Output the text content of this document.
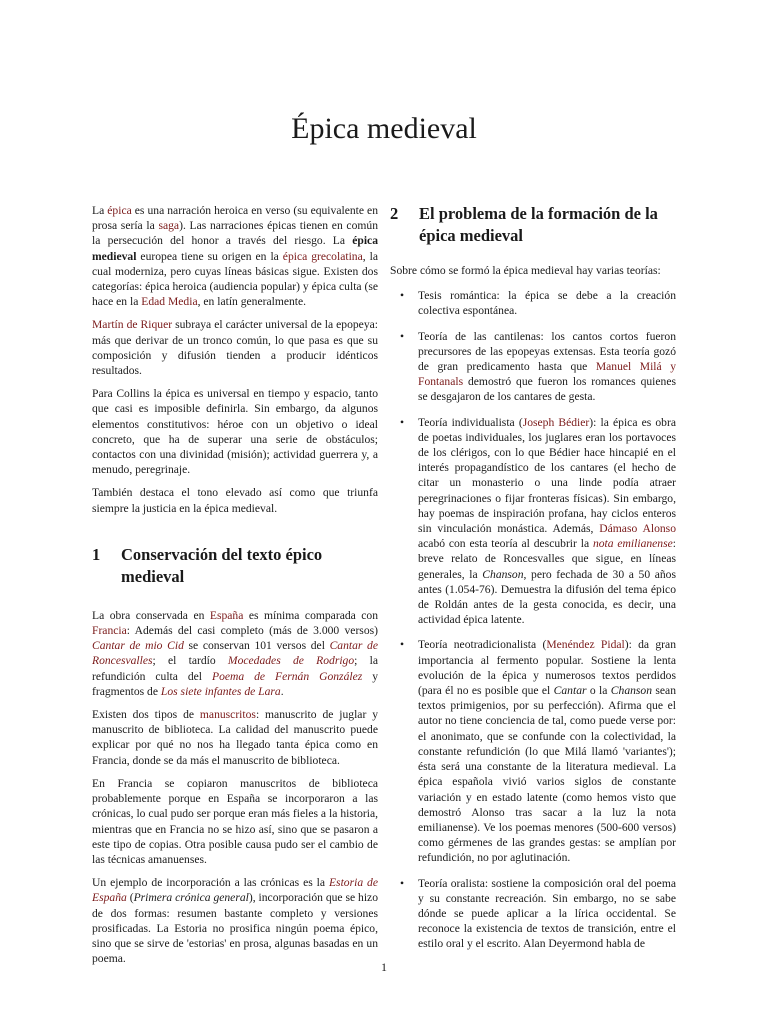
Épica medieval

La épica es una narración heroica en verso (su equivalente en prosa sería la saga). Las narraciones épicas tienen en común la persecución del honor a través del riesgo. La épica medieval europea tiene su origen en la épica grecolatina, la cual moderniza, pero cuyas líneas básicas sigue. Existen dos categorías: épica heroica (audiencia popular) y épica culta (se hace en la Edad Media, en latín generalmente.

Martín de Riquer subraya el carácter universal de la epopeya: más que derivar de un tronco común, lo que pasa es que su composición y difusión tienden a producir idénticos resultados.

Para Collins la épica es universal en tiempo y espacio, tanto que casi es imposible definirla. Sin embargo, da algunos elementos constitutivos: héroe con un objetivo o ideal concreto, que ha de superar una serie de obstáculos; contactos con una divinidad (misión); actividad guerrera y, a menudo, peregrinaje.

También destaca el tono elevado así como que triunfa siempre la justicia en la épica medieval.

1	Conservación del texto épico medieval

La obra conservada en España es mínima comparada con Francia: Además del casi completo (más de 3.000 versos) Cantar de mio Cid se conservan 101 versos del Cantar de Roncesvalles; el tardío Mocedades de Rodrigo; la refundición culta del Poema de Fernán González y fragmentos de Los siete infantes de Lara.

Existen dos tipos de manuscritos: manuscrito de juglar y manuscrito de biblioteca. La calidad del manuscrito puede explicar por qué no nos ha llegado tanta épica como en Francia, donde se da más el manuscrito de biblioteca.

En Francia se copiaron manuscritos de biblioteca probablemente porque en España se incorporaron a las crónicas, lo cual pudo ser porque eran más fieles a la historia, mientras que en Francia no se hizo así, sino que se pasaron a este tipo de copias. Otra posible causa pudo ser el cambio de las técnicas amanuenses.

Un ejemplo de incorporación a las crónicas es la Estoria de España (Primera crónica general), incorporación que se hizo de dos formas: resumen bastante completo y versiones prosificadas. La Estoria no prosifica ningún poema épico, sino que se sirve de 'estorias' en prosa, algunas basadas en un poema.

2	El problema de la formación de la épica medieval

Sobre cómo se formó la épica medieval hay varias teorías:

• Tesis romántica: la épica se debe a la creación colectiva espontánea.
• Teoría de las cantilenas: los cantos cortos fueron precursores de las epopeyas extensas. Esta teoría gozó de gran predicamento hasta que Manuel Milá y Fontanals demostró que fueron los romances quienes se desgajaron de los cantares de gesta.
• Teoría individualista (Joseph Bédier): la épica es obra de poetas individuales, los juglares eran los portavoces de los clérigos, con lo que Bédier hace hincapié en el interés propagandístico de los cantares (el hecho de citar un monasterio o una linde podía atraer peregrinaciones o fijar fronteras físicas). Sin embargo, hay poemas de inspiración profana, hay ciclos enteros sin vinculación monástica. Además, Dámaso Alonso acabó con esta teoría al descubrir la nota emilianense: breve relato de Roncesvalles que sigue, en líneas generales, la Chanson, pero fechada de 30 a 50 años antes (1.054-76). Demuestra la difusión del tema épico de Roldán antes de la gesta conocida, es decir, una actividad épica latente.
• Teoría neotradicionalista (Menéndez Pidal): da gran importancia al fermento popular. Sostiene la lenta evolución de la épica y numerosos textos perdidos (para él no es posible que el Cantar o la Chanson sean textos primigenios, por su perfección). Afirma que el autor no tiene conciencia de tal, como puede verse por: el anonimato, que se confunde con la colectividad, la constante refundición (lo que Milá llamó 'variantes'); ésta será una constante de la literatura medieval. La épica española vivió varios siglos de constante variación y en estado latente (como hemos visto que demostró Alonso tras sacar a la luz la nota emilianense). Ve los poemas menores (500-600 versos) como gérmenes de las grandes gestas: se amplían por refundición, no por aglutinación.
• Teoría oralista: sostiene la composición oral del poema y su constante recreación. Sin embargo, no se sabe dónde se puede aplicar a la lírica occidental. Se reconoce la existencia de textos de transición, entre el estilo oral y el escrito. Alan Deyermond habla de
1
